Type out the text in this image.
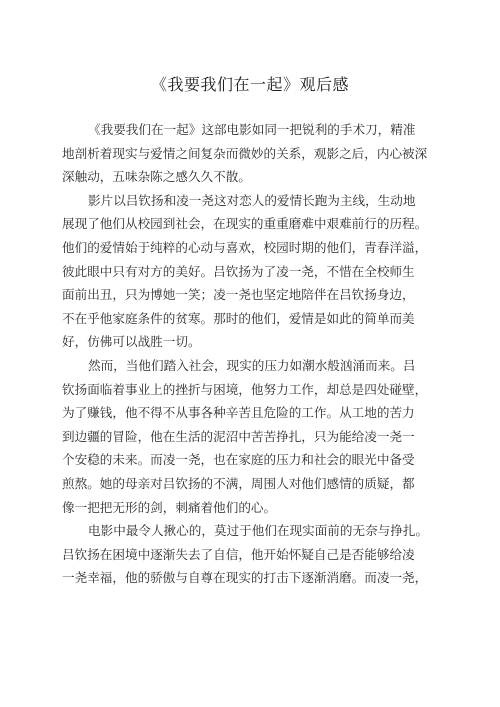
《我要我们在一起》观后感
《我要我们在一起》这部电影如同一把锐利的手术刀，精准
地剖析着现实与爱情之间复杂而微妙的关系，观影之后，内心被深
深触动，五味杂陈之感久久不散。
影片以吕钦扬和凌一尧这对恋人的爱情长跑为主线，生动地
展现了他们从校园到社会，在现实的重重磨难中艰难前行的历程。
他们的爱情始于纯粹的心动与喜欢，校园时期的他们，青春洋溢，
彼此眼中只有对方的美好。吕钦扬为了凌一尧，不惜在全校师生
面前出丑，只为博她一笑；凌一尧也坚定地陪伴在吕钦扬身边，
不在乎他家庭条件的贫寒。那时的他们，爱情是如此的简单而美
好，仿佛可以战胜一切。
然而，当他们踏入社会，现实的压力如潮水般汹涌而来。吕
钦扬面临着事业上的挫折与困境，他努力工作，却总是四处碰壁，
为了赚钱，他不得不从事各种辛苦且危险的工作。从工地的苦力
到边疆的冒险，他在生活的泥沼中苦苦挣扎，只为能给凌一尧一
个安稳的未来。而凌一尧，也在家庭的压力和社会的眼光中备受
煎熬。她的母亲对吕钦扬的不满，周围人对他们感情的质疑，都
像一把把无形的剑，刺痛着他们的心。
电影中最令人揪心的，莫过于他们在现实面前的无奈与挣扎。
吕钦扬在困境中逐渐失去了自信，他开始怀疑自己是否能够给凌
一尧幸福，他的骄傲与自尊在现实的打击下逐渐消磨。而凌一尧，
